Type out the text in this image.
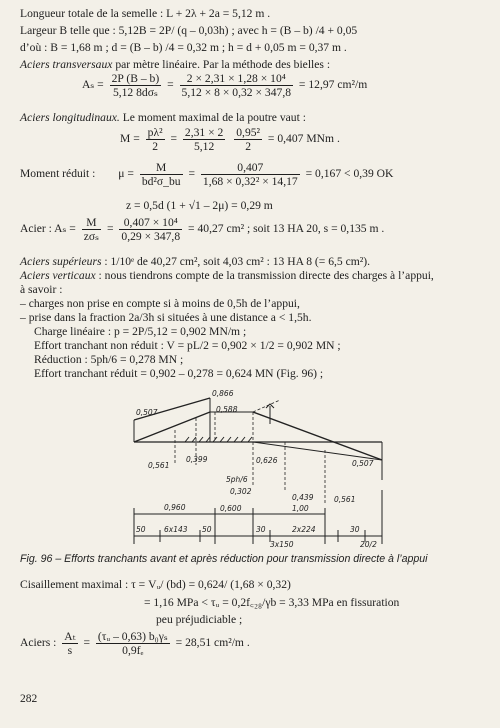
Longueur totale de la semelle : L + 2λ + 2a = 5,12 m .
Largeur B telle que : 5,12B = 2P/ (q – 0,03h) ; avec h = (B – b) /4 + 0,05
d’où : B = 1,68 m ; d = (B – b) /4 = 0,32 m ; h = d + 0,05 m = 0,37 m .
Aciers transversaux par mètre linéaire. Par la méthode des bielles :
$A_s = \frac{2P (B - b)}{\text{5,12 8dσₛ}} = \frac{\text{2 × 2,31 × 1,28 × 10⁴}}{5,12 \times 8 \times 0,32 \times 347,8} = 12,97$ cm²/m
Aciers longitudinaux. Le moment maximal de la poutre vaut :
$M = \frac{\text{pλ²}}{2} = \frac{2,31 \times 2}{5,12}$
$\frac{\text{0,95²}}{2} = 0,407$ MNm .
Moment réduit : $\mu = \frac{M}{\text{bd²σ\_bu}} = \frac{0,407}{\text{1,68 × 0,32² × 14,17}} = 0,167 < 0,39$ OK
z = 0,5d (1 + √1 – 2μ) = 0,29 m
Acier : $A_s = \frac{M}{\text{zσₛ}} = \frac{\text{0,407 × 10⁴}}{0,29 \times 347,8} = 40,27$ cm² ; soit 13 HA 20, s = 0,135 m .
Aciers supérieurs : 1/10ᵉ de 40,27 cm², soit 4,03 cm² : 13 HA 8 (= 6,5 cm²).
Aciers verticaux : nous tiendrons compte de la transmission directe des charges à l’appui,
à savoir :
– charges non prise en compte si à moins de 0,5h de l’appui,
– prise dans la fraction 2a/3h si situées à une distance a < 1,5h.
Charge linéaire : p = 2P/5,12 = 0,902 MN/m ;
Effort tranchant non réduit : V = pL/2 = 0,902 × 1/2 = 0,902 MN ;
Réduction : 5ph/6 = 0,278 MN ;
Effort tranchant réduit = 0,902 – 0,278 = 0,624 MN (Fig. 96) ;
0,866
0,588
0,507
0,561
0,399	0,626
5ph/6
0,302
0,507
0,439	0,561
0,960	0,600	1,00
50 6x143 50	30	2x224
3x150
30
20/2
Fig. 96 – Efforts tranchants avant et après réduction pour transmission directe à l’appui
Cisaillement maximal : τ = Vᵤ/ (bd) = 0,624/ (1,68 × 0,32)
= 1,16 MPa < τᵤ = 0,2f꜀₂₈/γb = 3,33 MPa en fissuration
peu préjudiciable ;
Aciers : $\frac{\text{Aₜ}}{s} = \frac{\text{(τᵤ – 0,63) b₀γₛ}}{\text{0,9fₑ}} = 28,51$ cm²/m .
282
